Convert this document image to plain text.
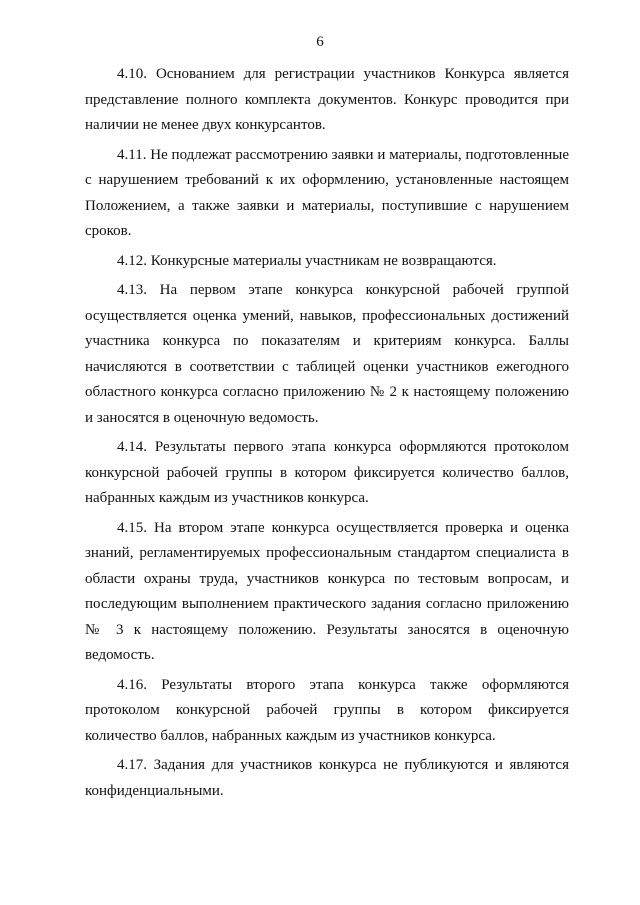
6

4.10. Основанием для регистрации участников Конкурса является представление полного комплекта документов. Конкурс проводится при наличии не менее двух конкурсантов.

4.11. Не подлежат рассмотрению заявки и материалы, подготовленные с нарушением требований к их оформлению, установленные настоящем Положением, а также заявки и материалы, поступившие с нарушением сроков.

4.12. Конкурсные материалы участникам не возвращаются.

4.13. На первом этапе конкурса конкурсной рабочей группой осуществляется оценка умений, навыков, профессиональных достижений участника конкурса по показателям и критериям конкурса. Баллы начисляются в соответствии с таблицей оценки участников ежегодного областного конкурса согласно приложению № 2 к настоящему положению и заносятся в оценочную ведомость.

4.14. Результаты первого этапа конкурса оформляются протоколом конкурсной рабочей группы в котором фиксируется количество баллов, набранных каждым из участников конкурса.

4.15. На втором этапе конкурса осуществляется проверка и оценка знаний, регламентируемых профессиональным стандартом специалиста в области охраны труда, участников конкурса по тестовым вопросам, и последующим выполнением практического задания согласно приложению № 3 к настоящему положению. Результаты заносятся в оценочную ведомость.

4.16. Результаты второго этапа конкурса также оформляются протоколом конкурсной рабочей группы в котором фиксируется количество баллов, набранных каждым из участников конкурса.

4.17. Задания для участников конкурса не публикуются и являются конфиденциальными.
